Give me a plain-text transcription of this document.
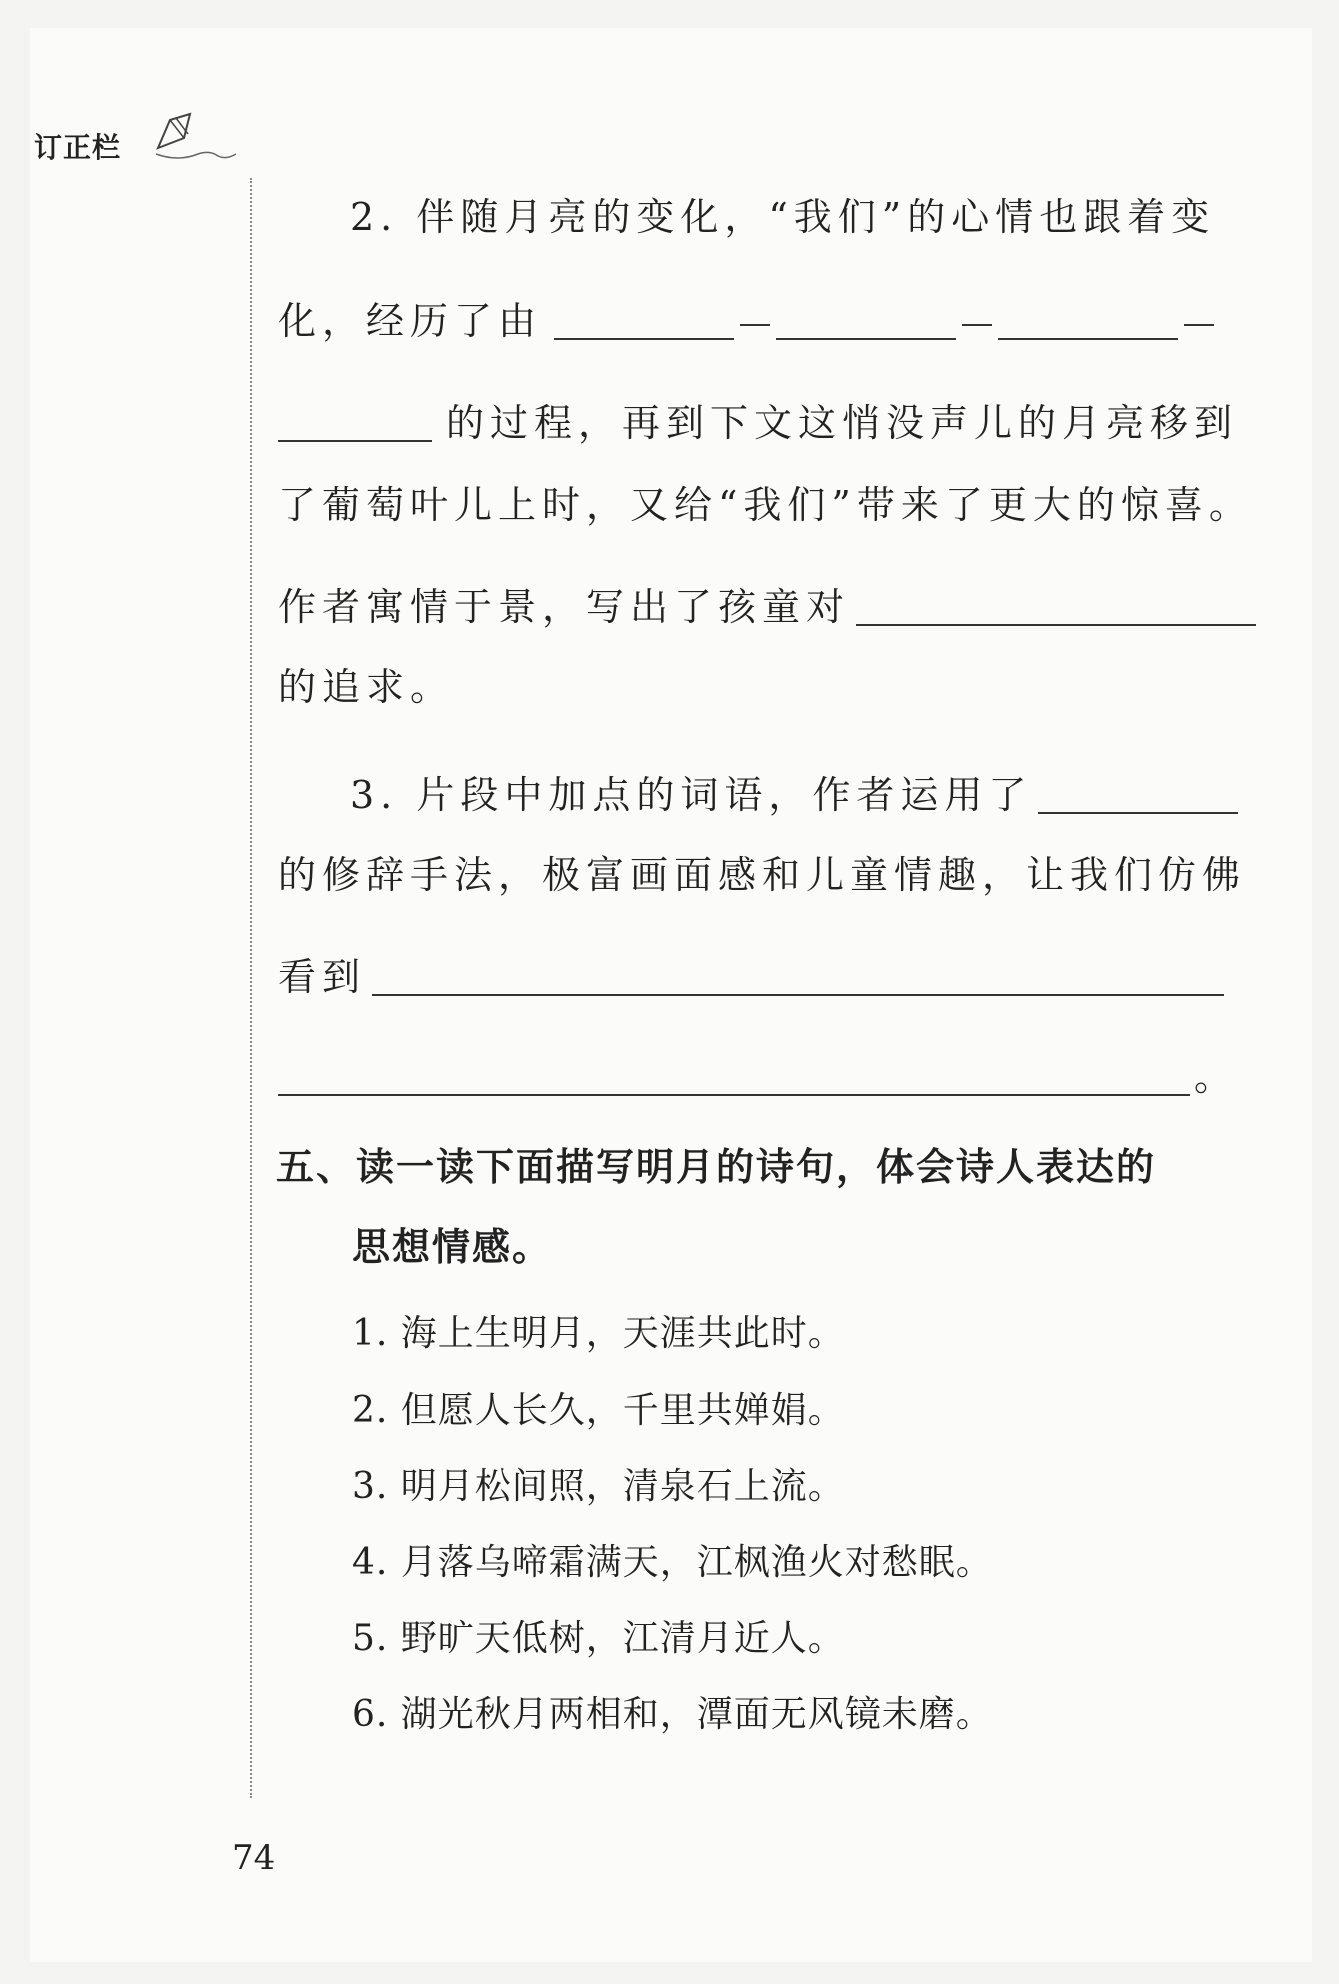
订正栏
2. 伴随月亮的变化，“我们”的心情也跟着变
化，经历了由
的过程，再到下文这悄没声儿的月亮移到
了葡萄叶儿上时，又给“我们”带来了更大的惊喜。
作者寓情于景，写出了孩童对
的追求。
3. 片段中加点的词语，作者运用了
的修辞手法，极富画面感和儿童情趣，让我们仿佛
看到
。
五、读一读下面描写明月的诗句，体会诗人表达的
思想情感。
1. 海上生明月，天涯共此时。
2. 但愿人长久，千里共婵娟。
3. 明月松间照，清泉石上流。
4. 月落乌啼霜满天，江枫渔火对愁眠。
5. 野旷天低树，江清月近人。
6. 湖光秋月两相和，潭面无风镜未磨。
74
